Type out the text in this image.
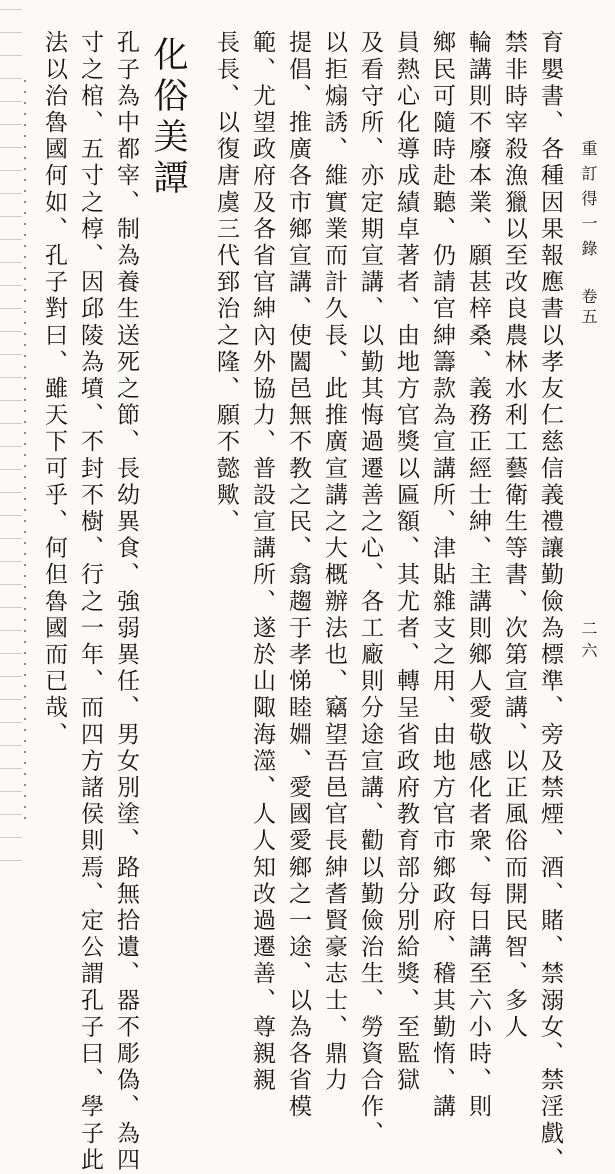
重訂得一錄
卷五
二六
育嬰書、各種因果報應書以孝友仁慈信義禮讓勤儉為標準、旁及禁煙、酒、賭、禁溺女、禁淫戲、
禁非時宰殺漁獵以至改良農林水利工藝衛生等書、次第宣講、以正風俗而開民智、多人
輪講則不廢本業、願甚梓桑、義務正經士紳、主講則鄉人愛敬感化者衆、每日講至六小時、則
鄉民可隨時赴聽、仍請官紳籌款為宣講所、津貼雜支之用、由地方官市鄉政府、稽其勤惰、講
員熱心化導成績卓著者、由地方官獎以匾額、其尤者、轉呈省政府教育部分別給獎、至監獄
及看守所、亦定期宣講、以勤其悔過遷善之心、各工廠則分途宣講、勸以勤儉治生、勞資合作、
以拒煽誘、維實業而計久長、此推廣宣講之大概辦法也、竊望吾邑官長紳耆賢豪志士、鼎力
提倡、推廣各市鄉宣講、使闔邑無不教之民、翕趨于孝悌睦婣、愛國愛鄉之一途、以為各省模
範、尤望政府及各省官紳內外協力、普設宣講所、遂於山陬海澨、人人知改過遷善、尊親親
長長、以復唐虞三代郅治之隆、願不懿歟、
化俗美譚
孔子為中都宰、制為養生送死之節、長幼異食、強弱異任、男女別塗、路無拾遺、器不彫偽、為四
寸之棺、五寸之椁、因邱陵為墳、不封不樹、行之一年、而四方諸侯則焉、定公謂孔子曰、學子此
法以治魯國何如、孔子對曰、雖天下可乎、何但魯國而已哉、
